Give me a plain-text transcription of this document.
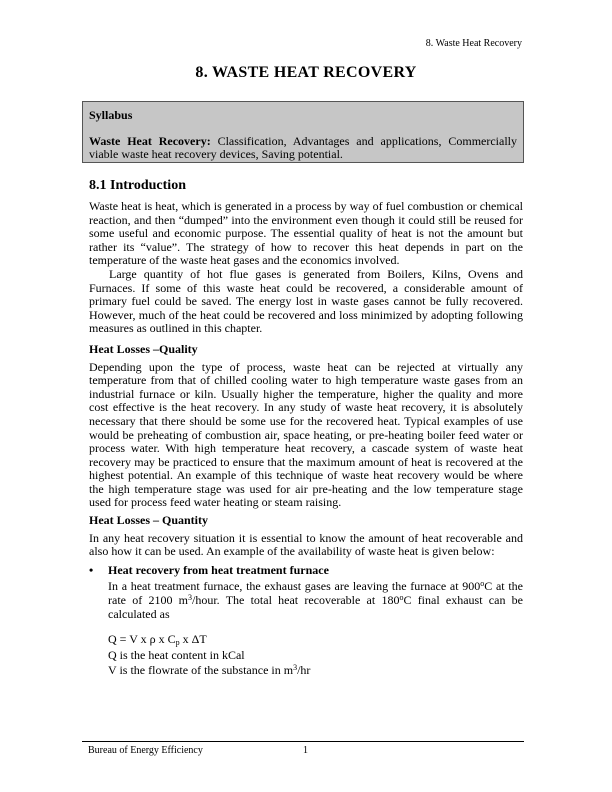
8. Waste Heat Recovery
8. WASTE HEAT RECOVERY
Syllabus
Waste Heat Recovery: Classification, Advantages and applications, Commercially viable waste heat recovery devices, Saving potential.
8.1 Introduction

Waste heat is heat, which is generated in a process by way of fuel combustion or chemical reaction, and then “dumped” into the environment even though it could still be reused for some useful and economic purpose. The essential quality of heat is not the amount but rather its “value”. The strategy of how to recover this heat depends in part on the temperature of the waste heat gases and the economics involved.

Large quantity of hot flue gases is generated from Boilers, Kilns, Ovens and Furnaces. If some of this waste heat could be recovered, a considerable amount of primary fuel could be saved. The energy lost in waste gases cannot be fully recovered. However, much of the heat could be recovered and loss minimized by adopting following measures as outlined in this chapter.

Heat Losses –Quality

Depending upon the type of process, waste heat can be rejected at virtually any temperature from that of chilled cooling water to high temperature waste gases from an industrial furnace or kiln. Usually higher the temperature, higher the quality and more cost effective is the heat recovery. In any study of waste heat recovery, it is absolutely necessary that there should be some use for the recovered heat. Typical examples of use would be preheating of combustion air, space heating, or pre-heating boiler feed water or process water. With high temperature heat recovery, a cascade system of waste heat recovery may be practiced to ensure that the maximum amount of heat is recovered at the highest potential. An example of this technique of waste heat recovery would be where the high temperature stage was used for air pre-heating and the low temperature stage used for process feed water heating or steam raising.

Heat Losses – Quantity

In any heat recovery situation it is essential to know the amount of heat recoverable and also how it can be used. An example of the availability of waste heat is given below:

•	Heat recovery from heat treatment furnace

In a heat treatment furnace, the exhaust gases are leaving the furnace at 900$^o$C at the rate of 2100 $m^3$/hour. The total heat recoverable at 180$^o$C final exhaust can be calculated as

Q = V x ρ x $C_p$ x ΔT

Q is the heat content in kCal

V is the flowrate of the substance in $m^3/hr$

Bureau of Energy Efficiency	1
